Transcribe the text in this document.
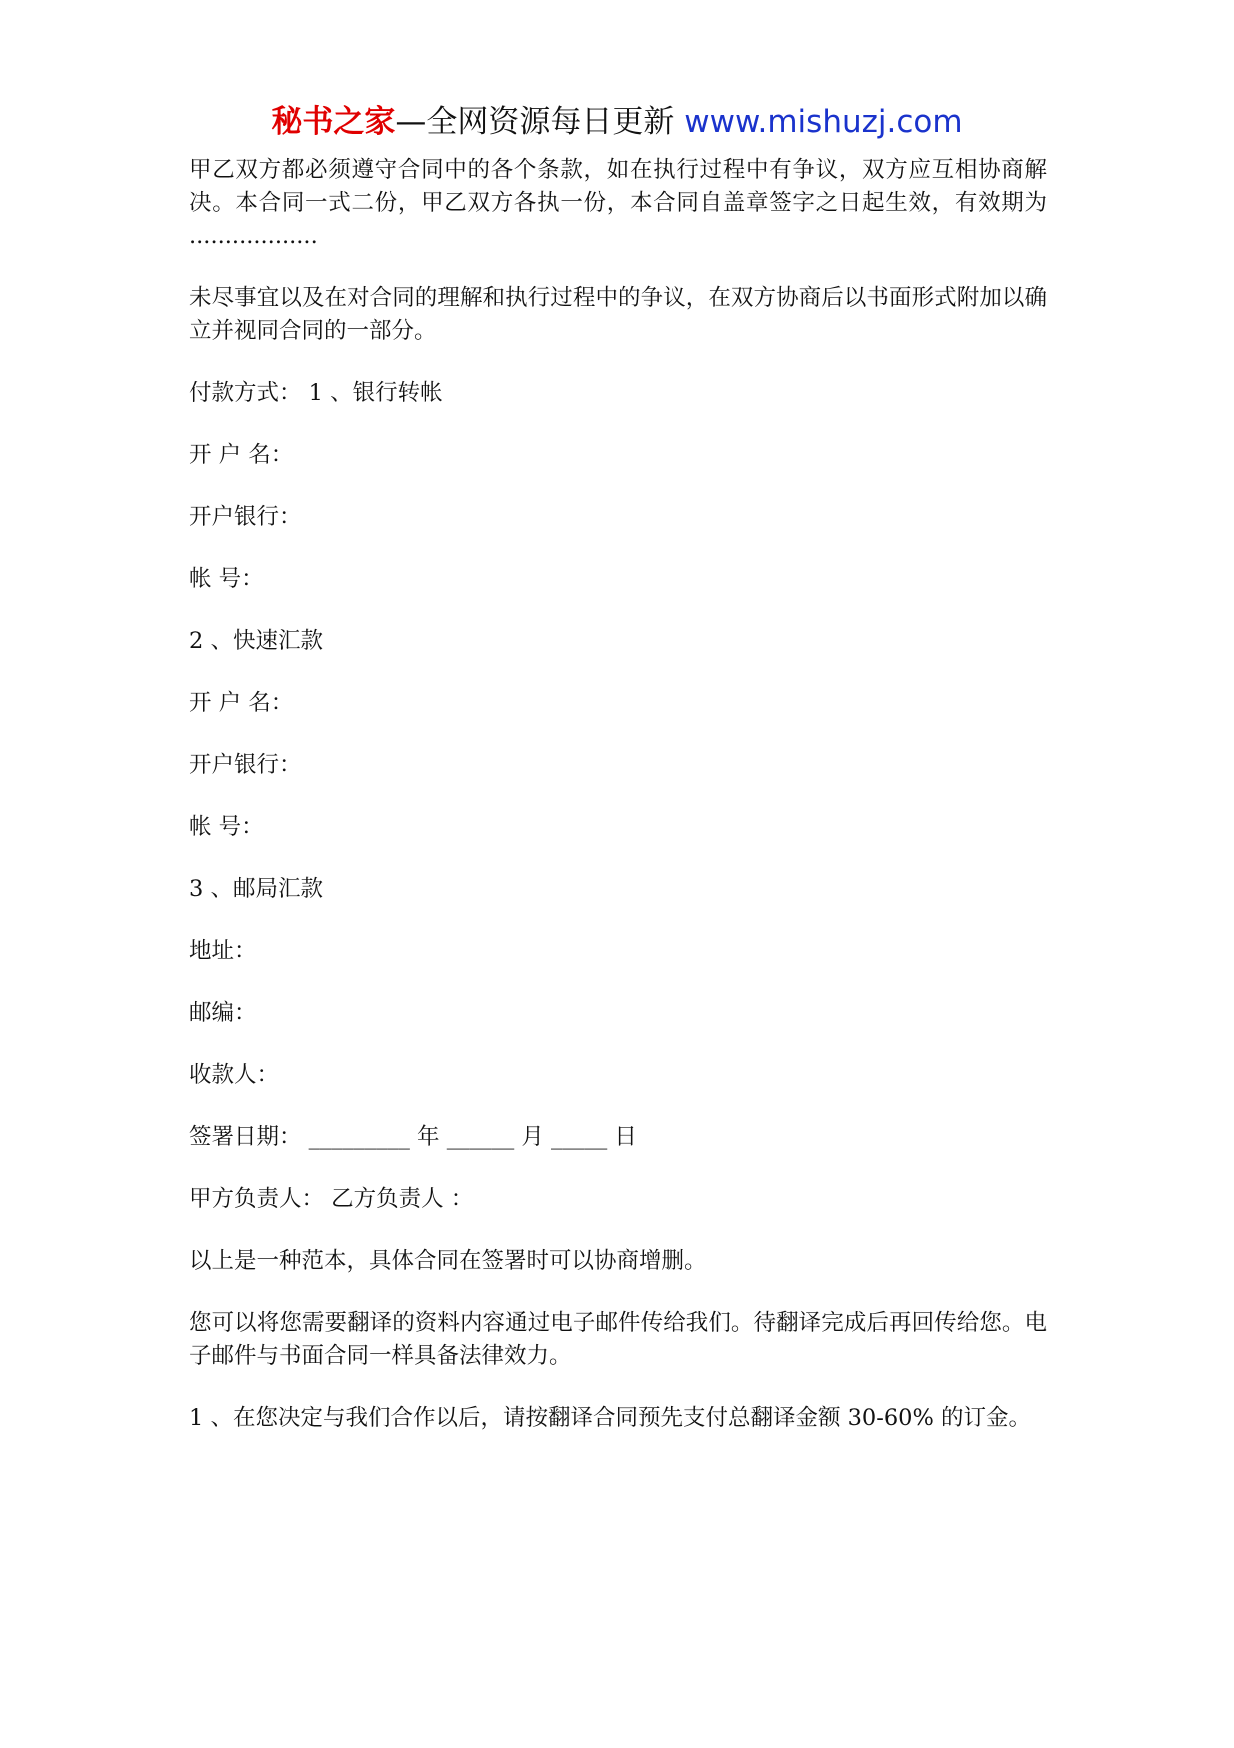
秘书之家—全网资源每日更新 www.mishuzj.com

甲乙双方都必须遵守合同中的各个条款，如在执行过程中有争议，双方应互相协商解决。本合同一式二份，甲乙双方各执一份，本合同自盖章签字之日起生效，有效期为 ..................

未尽事宜以及在对合同的理解和执行过程中的争议，在双方协商后以书面形式附加以确立并视同合同的一部分。

付款方式： 1 、银行转帐

开 户 名：

开户银行：

帐 号：

2 、快速汇款

开 户 名：

开户银行：

帐 号：

3 、邮局汇款

地址：

邮编：

收款人：

签署日期： _________ 年 ______ 月 _____ 日

甲方负责人： 乙方负责人 ：

以上是一种范本，具体合同在签署时可以协商增删。

您可以将您需要翻译的资料内容通过电子邮件传给我们。待翻译完成后再回传给您。电子邮件与书面合同一样具备法律效力。

1 、在您决定与我们合作以后，请按翻译合同预先支付总翻译金额 30-60% 的订金。
